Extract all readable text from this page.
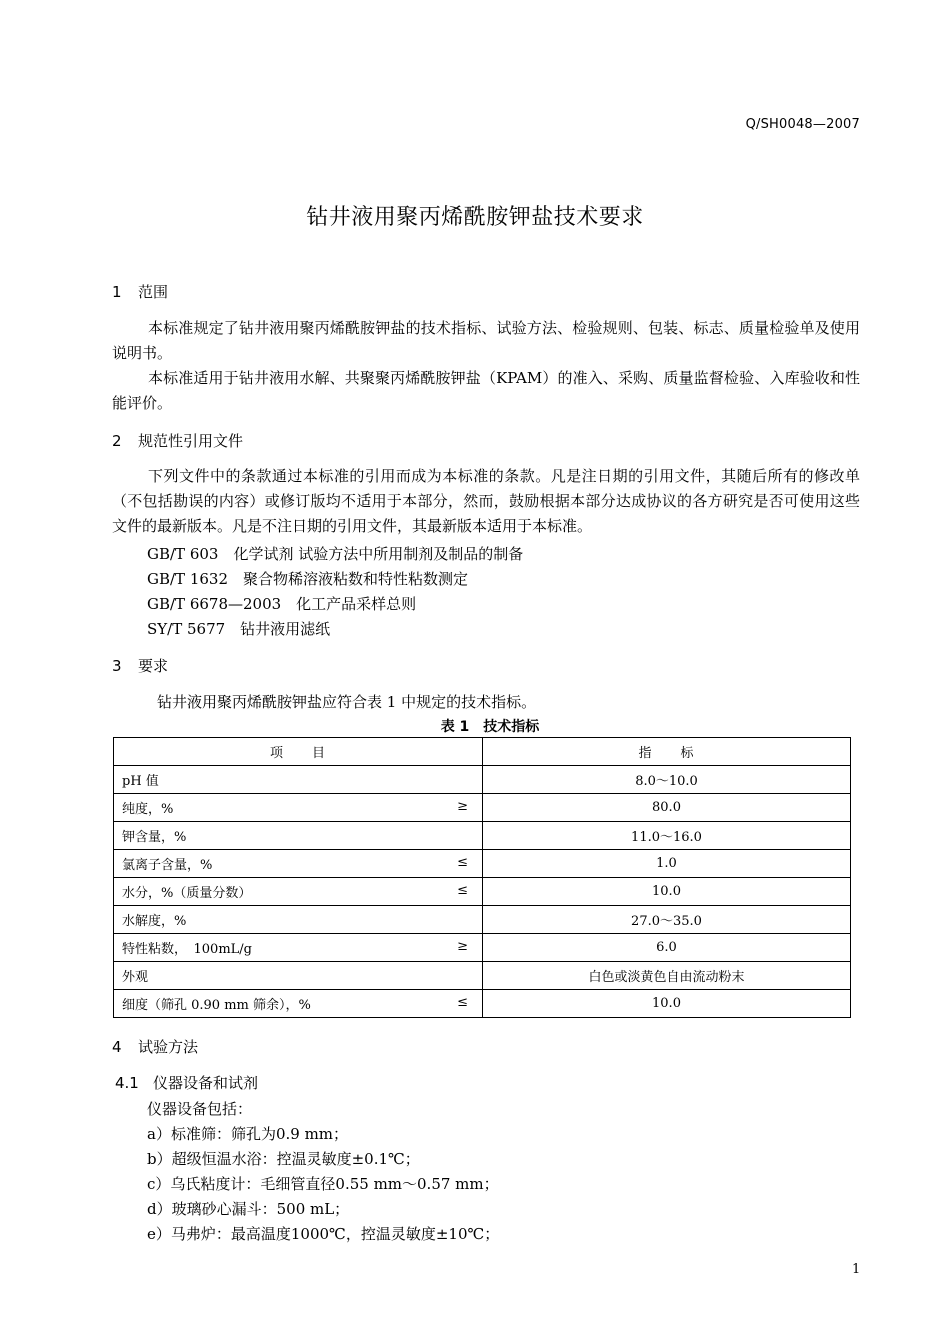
Q/SH0048—2007
钻井液用聚丙烯酰胺钾盐技术要求
1 范围
本标准规定了钻井液用聚丙烯酰胺钾盐的技术指标、试验方法、检验规则、包装、标志、质量检验单及使用说明书。
本标准适用于钻井液用水解、共聚聚丙烯酰胺钾盐（KPAM）的准入、采购、质量监督检验、入库验收和性能评价。
2 规范性引用文件
下列文件中的条款通过本标准的引用而成为本标准的条款。凡是注日期的引用文件，其随后所有的修改单（不包括勘误的内容）或修订版均不适用于本部分，然而，鼓励根据本部分达成协议的各方研究是否可使用这些文件的最新版本。凡是不注日期的引用文件，其最新版本适用于本标准。
GB/T 603　化学试剂 试验方法中所用制剂及制品的制备
GB/T 1632　聚合物稀溶液粘数和特性粘数测定
GB/T 6678—2003　化工产品采样总则
SY/T 5677　钻井液用滤纸
3 要求
钻井液用聚丙烯酰胺钾盐应符合表 1 中规定的技术指标。
表 1　技术指标
项　　目	指　　标
pH 值	8.0～10.0
纯度，% ≥	80.0
钾含量，%	11.0～16.0
氯离子含量，% ≤	1.0
水分，%（质量分数） ≤	10.0
水解度，%	27.0～35.0
特性粘数，　100mL/g ≥	6.0
外观	白色或淡黄色自由流动粉末
细度（筛孔 0.90 mm 筛余），% ≤	10.0
4 试验方法
4.1 仪器设备和试剂
仪器设备包括：
a）标准筛：筛孔为0.9 mm；
b）超级恒温水浴：控温灵敏度±0.1℃；
c）乌氏粘度计：毛细管直径0.55 mm～0.57 mm；
d）玻璃砂心漏斗：500 mL；
e）马弗炉：最高温度1000℃，控温灵敏度±10℃；
1
